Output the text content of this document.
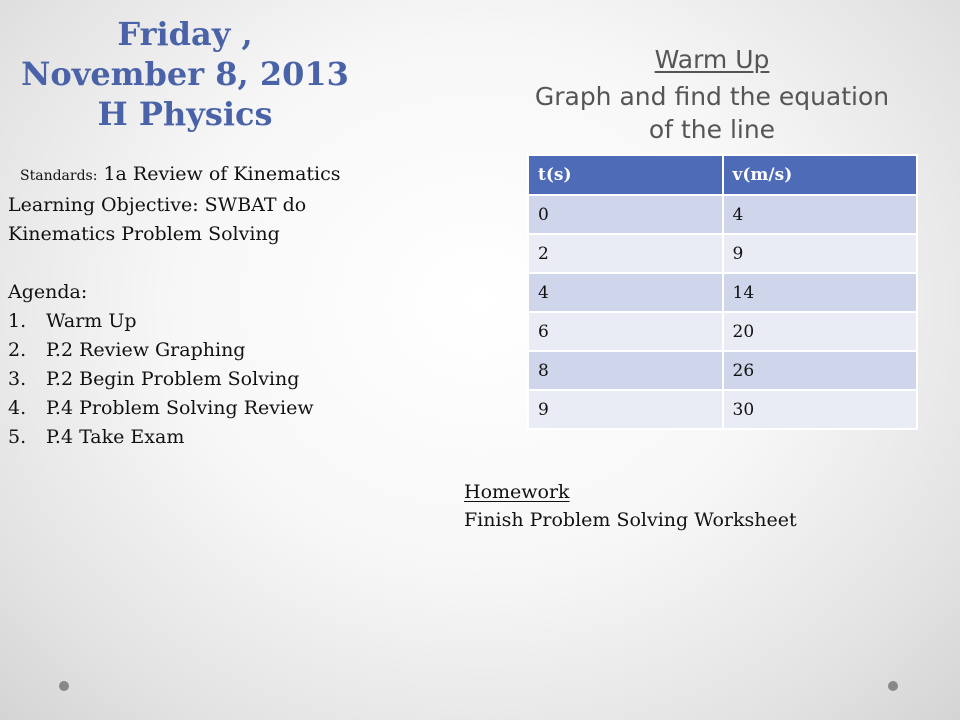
Friday ,
November 8, 2013
H Physics
Warm Up
Graph and find the equation of the line
Standards: 1a Review of Kinematics
Learning Objective: SWBAT do
Kinematics Problem Solving
Agenda:
1.	Warm Up
2.	P.2 Review Graphing
3.	P.2 Begin Problem Solving
4.	P.4 Problem Solving Review
5.	P.4 Take Exam
t(s)	v(m/s)
0	4
2	9
4	14
6	20
8	26
9	30
Homework
Finish Problem Solving Worksheet
